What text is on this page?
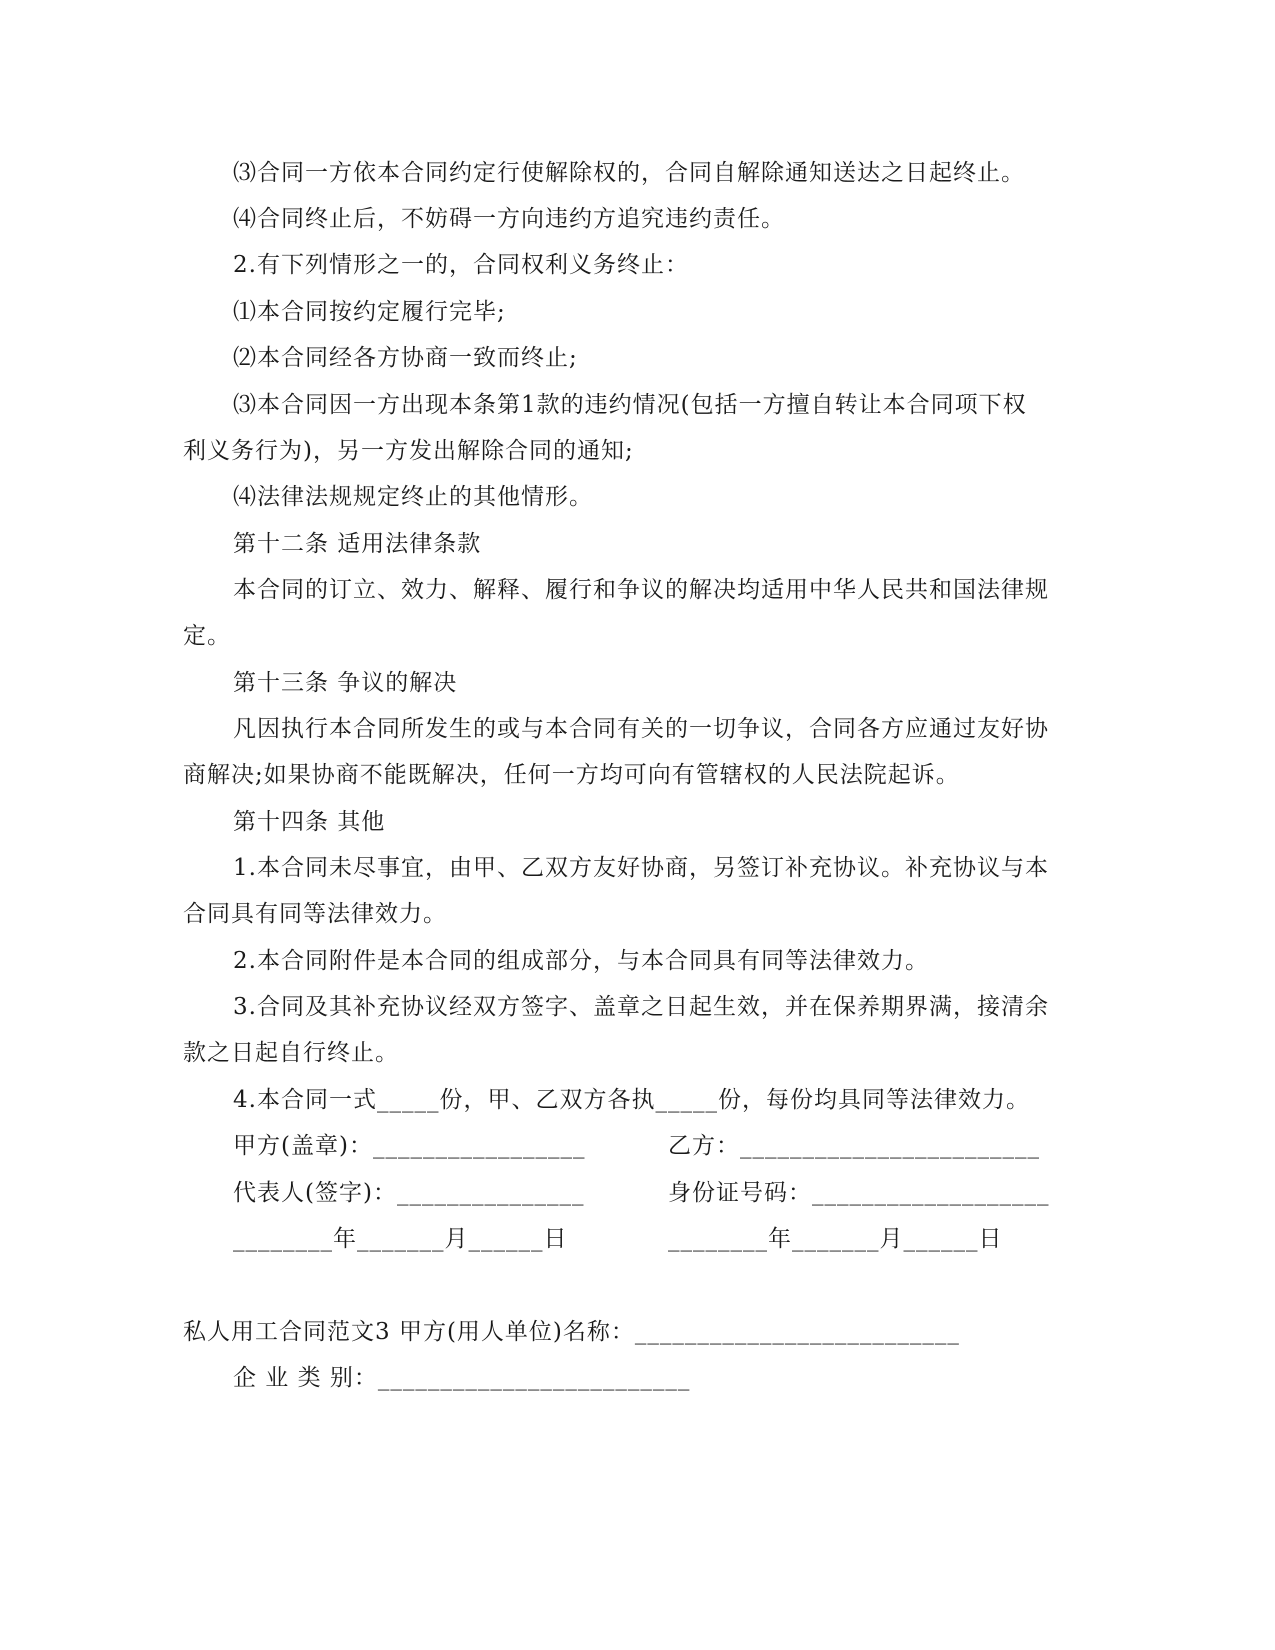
⑶合同一方依本合同约定行使解除权的，合同自解除通知送达之日起终止。
⑷合同终止后，不妨碍一方向违约方追究违约责任。
2.有下列情形之一的，合同权利义务终止：
⑴本合同按约定履行完毕;
⑵本合同经各方协商一致而终止;
⑶本合同因一方出现本条第1款的违约情况(包括一方擅自转让本合同项下权
利义务行为)，另一方发出解除合同的通知;
⑷法律法规规定终止的其他情形。
第十二条 适用法律条款
本合同的订立、效力、解释、履行和争议的解决均适用中华人民共和国法律规
定。
第十三条 争议的解决
凡因执行本合同所发生的或与本合同有关的一切争议，合同各方应通过友好协
商解决;如果协商不能既解决，任何一方均可向有管辖权的人民法院起诉。
第十四条 其他
1.本合同未尽事宜，由甲、乙双方友好协商，另签订补充协议。补充协议与本
合同具有同等法律效力。
2.本合同附件是本合同的组成部分，与本合同具有同等法律效力。
3.合同及其补充协议经双方签字、盖章之日起生效，并在保养期界满，接清余
款之日起自行终止。
4.本合同一式_____份，甲、乙双方各执_____份，每份均具同等法律效力。
甲方(盖章)：_________________	乙方：________________________
代表人(签字)：_______________	身份证号码：___________________
________年_______月______日	________年_______月______日
私人用工合同范文3 甲方(用人单位)名称：__________________________
企 业 类 别：_________________________
